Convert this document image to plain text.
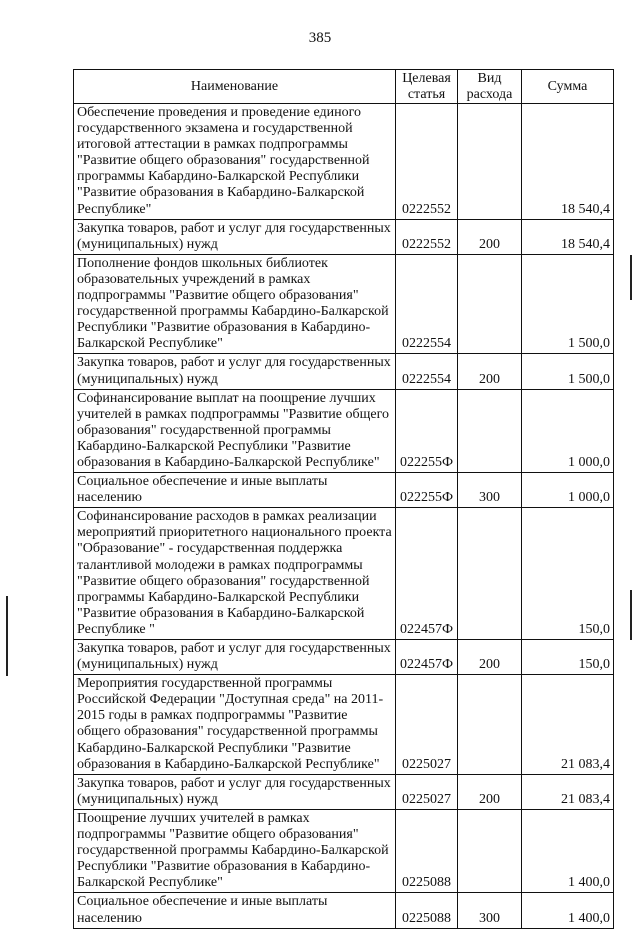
385
Наименование	Целевая статья	Вид расхода	Сумма
Обеспечение проведения и проведение единого государственного экзамена и государственной итоговой аттестации в рамках подпрограммы "Развитие общего образования" государственной программы Кабардино-Балкарской Республики "Развитие образования в Кабардино-Балкарской Республике"	0222552		18 540,4
Закупка товаров, работ и услуг для государственных (муниципальных) нужд	0222552	200	18 540,4
Пополнение фондов школьных библиотек образовательных учреждений в рамках подпрограммы "Развитие общего образования" государственной программы Кабардино-Балкарской Республики "Развитие образования в Кабардино-Балкарской Республике"	0222554		1 500,0
Закупка товаров, работ и услуг для государственных (муниципальных) нужд	0222554	200	1 500,0
Софинансирование выплат на поощрение лучших учителей в рамках подпрограммы "Развитие общего образования" государственной программы Кабардино-Балкарской Республики "Развитие образования в Кабардино-Балкарской Республике"	022255Ф		1 000,0
Социальное обеспечение и иные выплаты населению	022255Ф	300	1 000,0
Софинансирование расходов в рамках реализации мероприятий приоритетного национального проекта "Образование" - государственная поддержка талантливой молодежи в рамках подпрограммы "Развитие общего образования" государственной программы Кабардино-Балкарской Республики "Развитие образования в Кабардино-Балкарской Республике "	022457Ф		150,0
Закупка товаров, работ и услуг для государственных (муниципальных) нужд	022457Ф	200	150,0
Мероприятия государственной программы Российской Федерации "Доступная среда" на 2011-2015 годы в рамках подпрограммы "Развитие общего образования" государственной программы Кабардино-Балкарской Республики "Развитие образования в Кабардино-Балкарской Республике"	0225027		21 083,4
Закупка товаров, работ и услуг для государственных (муниципальных) нужд	0225027	200	21 083,4
Поощрение лучших учителей в рамках подпрограммы "Развитие общего образования" государственной программы Кабардино-Балкарской Республики "Развитие образования в Кабардино-Балкарской Республике"	0225088		1 400,0
Социальное обеспечение и иные выплаты населению	0225088	300	1 400,0
